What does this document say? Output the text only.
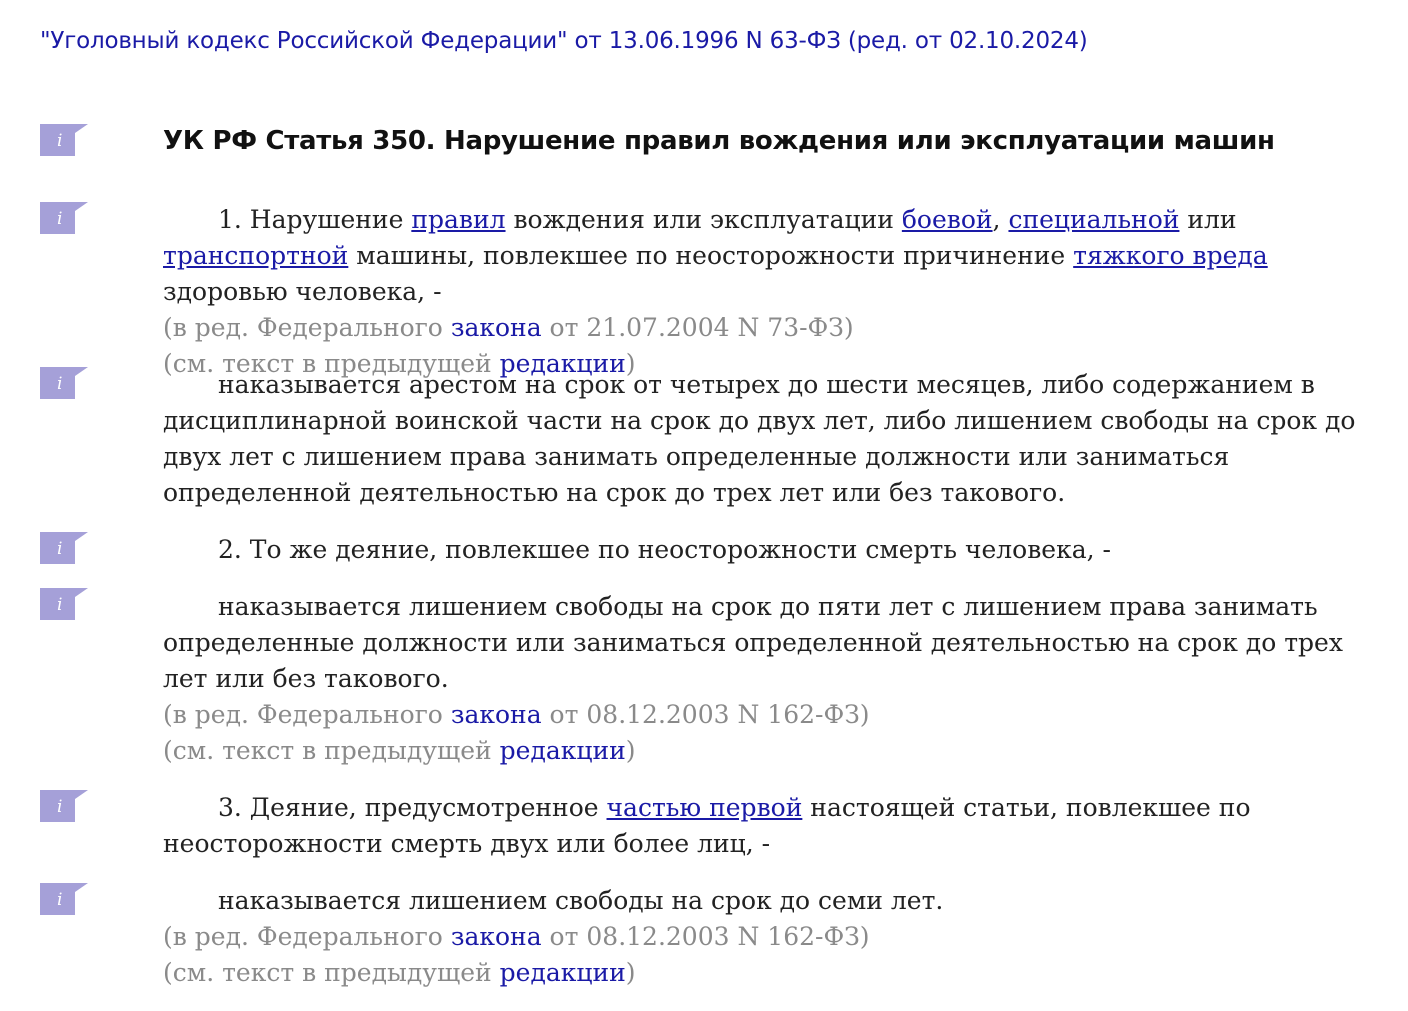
"Уголовный кодекс Российской Федерации" от 13.06.1996 N 63-ФЗ (ред. от 02.10.2024)
i
i
i
i
i
i
i
УК РФ Статья 350. Нарушение правил вождения или эксплуатации машин

1. Нарушение правил вождения или эксплуатации боевой, специальной или транспортной машины, повлекшее по неосторожности причинение тяжкого вреда здоровью человека, -

(в ред. Федерального закона от 21.07.2004 N 73-ФЗ)

(см. текст в предыдущей редакции)

наказывается арестом на срок от четырех до шести месяцев, либо содержанием в дисциплинарной воинской части на срок до двух лет, либо лишением свободы на срок до двух лет с лишением права занимать определенные должности или заниматься определенной деятельностью на срок до трех лет или без такового.

2. То же деяние, повлекшее по неосторожности смерть человека, -

наказывается лишением свободы на срок до пяти лет с лишением права занимать определенные должности или заниматься определенной деятельностью на срок до трех лет или без такового.

(в ред. Федерального закона от 08.12.2003 N 162-ФЗ)

(см. текст в предыдущей редакции)

3. Деяние, предусмотренное частью первой настоящей статьи, повлекшее по неосторожности смерть двух или более лиц, -

наказывается лишением свободы на срок до семи лет.

(в ред. Федерального закона от 08.12.2003 N 162-ФЗ)

(см. текст в предыдущей редакции)
